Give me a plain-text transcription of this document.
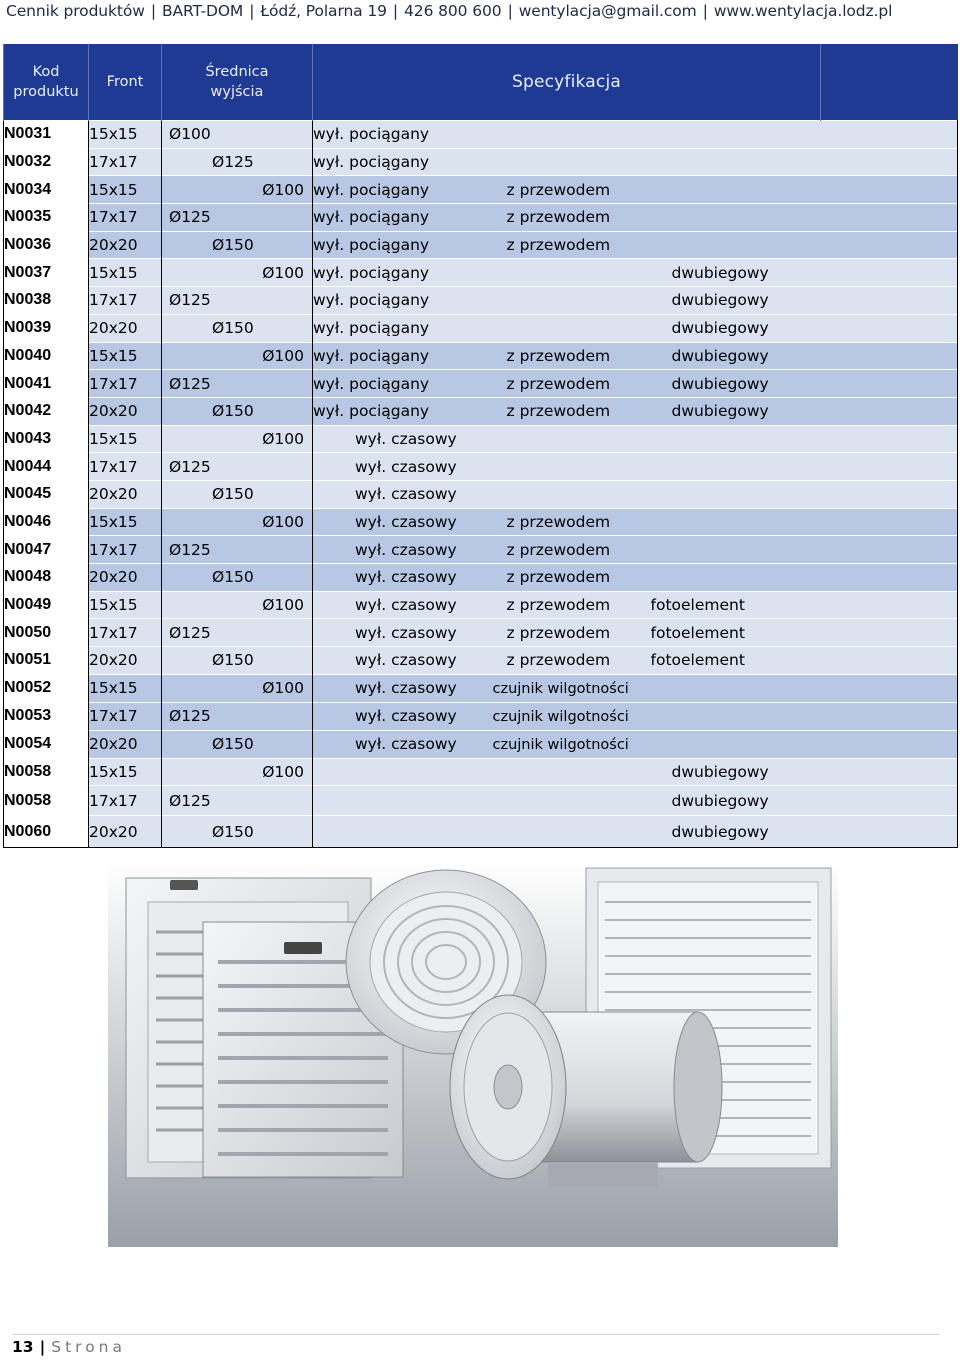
Cennik produktów | BART-DOM | Łódź, Polarna 19 | 426 800 600 | wentylacja@gmail.com | www.wentylacja.lodz.pl
Kod produktu	Front	Średnica wyjścia	Specyfikacja			
N0031	15x15	Ø100	wył. pociągany			
N0032	17x17	Ø125	wył. pociągany			
N0034	15x15	Ø100	wył. pociągany	z przewodem		
N0035	17x17	Ø125	wył. pociągany	z przewodem		
N0036	20x20	Ø150	wył. pociągany	z przewodem		
N0037	15x15	Ø100	wył. pociągany		dwubiegowy	
N0038	17x17	Ø125	wył. pociągany		dwubiegowy	
N0039	20x20	Ø150	wył. pociągany		dwubiegowy	
N0040	15x15	Ø100	wył. pociągany	z przewodem	dwubiegowy	
N0041	17x17	Ø125	wył. pociągany	z przewodem	dwubiegowy	
N0042	20x20	Ø150	wył. pociągany	z przewodem	dwubiegowy	
N0043	15x15	Ø100	wył. czasowy			
N0044	17x17	Ø125	wył. czasowy			
N0045	20x20	Ø150	wył. czasowy			
N0046	15x15	Ø100	wył. czasowy	z przewodem		
N0047	17x17	Ø125	wył. czasowy	z przewodem		
N0048	20x20	Ø150	wył. czasowy	z przewodem		
N0049	15x15	Ø100	wył. czasowy	z przewodem	fotoelement	
N0050	17x17	Ø125	wył. czasowy	z przewodem	fotoelement	
N0051	20x20	Ø150	wył. czasowy	z przewodem	fotoelement	
N0052	15x15	Ø100	wył. czasowy	czujnik wilgotności		
N0053	17x17	Ø125	wył. czasowy	czujnik wilgotności		
N0054	20x20	Ø150	wył. czasowy	czujnik wilgotności		
N0058	15x15	Ø100			dwubiegowy	
N0058	17x17	Ø125			dwubiegowy	
N0060	20x20	Ø150			dwubiegowy	
13 | Strona
